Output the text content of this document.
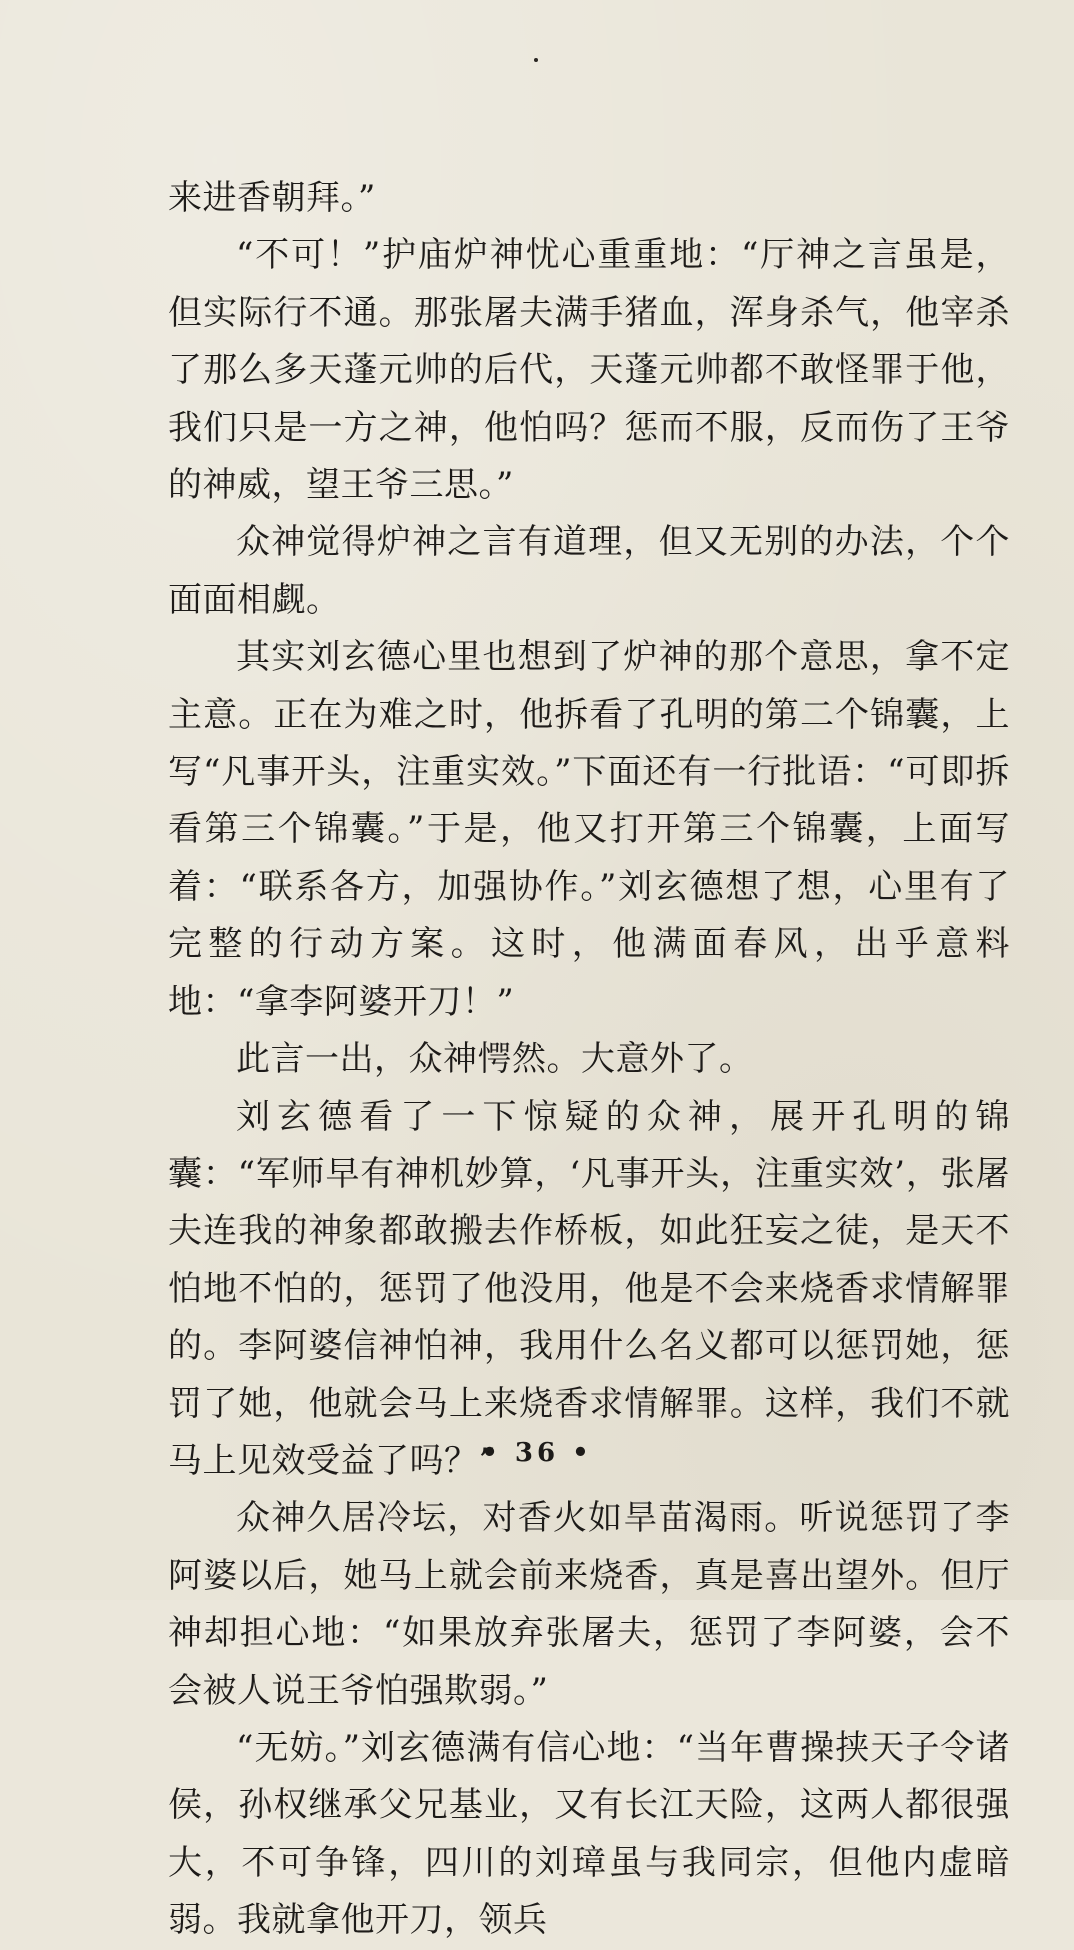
来进香朝拜。”

“不可！”护庙炉神忧心重重地：“厅神之言虽是，但实际行不通。那张屠夫满手猪血，浑身杀气，他宰杀了那么多天蓬元帅的后代，天蓬元帅都不敢怪罪于他，我们只是一方之神，他怕吗？惩而不服，反而伤了王爷的神威，望王爷三思。”

众神觉得炉神之言有道理，但又无别的办法，个个面面相觑。

其实刘玄德心里也想到了炉神的那个意思，拿不定主意。正在为难之时，他拆看了孔明的第二个锦囊，上写“凡事开头，注重实效。”下面还有一行批语：“可即拆看第三个锦囊。”于是，他又打开第三个锦囊，上面写着：“联系各方，加强协作。”刘玄德想了想，心里有了完整的行动方案。这时，他满面春风，出乎意料地：“拿李阿婆开刀！”

此言一出，众神愕然。大意外了。

刘玄德看了一下惊疑的众神，展开孔明的锦囊：“军师早有神机妙算，‘凡事开头，注重实效’，张屠夫连我的神象都敢搬去作桥板，如此狂妄之徒，是天不怕地不怕的，惩罚了他没用，他是不会来烧香求情解罪的。李阿婆信神怕神，我用什么名义都可以惩罚她，惩罚了她，他就会马上来烧香求情解罪。这样，我们不就马上见效受益了吗？”

众神久居冷坛，对香火如旱苗渴雨。听说惩罚了李阿婆以后，她马上就会前来烧香，真是喜出望外。但厅神却担心地：“如果放弃张屠夫，惩罚了李阿婆，会不会被人说王爷怕强欺弱。”

“无妨。”刘玄德满有信心地：“当年曹操挟天子令诸侯，孙权继承父兄基业，又有长江天险，这两人都很强大，不可争锋，四川的刘璋虽与我同宗，但他内虚暗弱。我就拿他开刀，领兵

• 36 •
